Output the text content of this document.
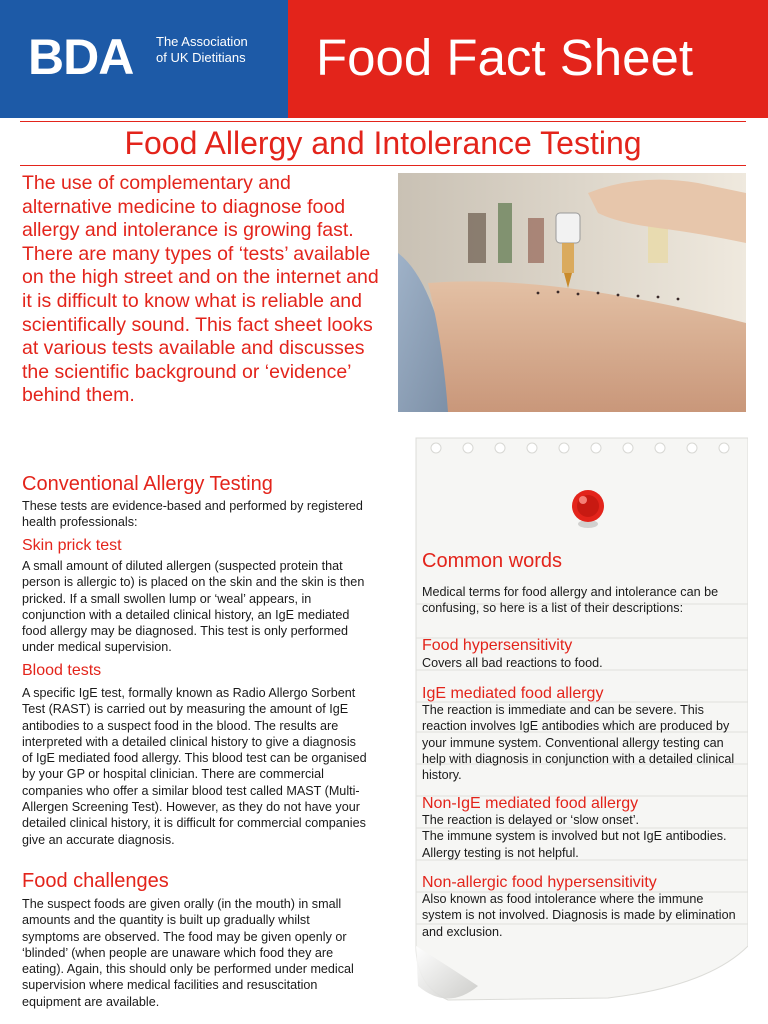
BDA The Association
of UK Dietitians Food Fact Sheet
Food Allergy and Intolerance Testing
The use of complementary and alternative medicine to diagnose food allergy and intolerance is growing fast. There are many types of ‘tests’ available on the high street and on the internet and it is difficult to know what is reliable and scientifically sound. This fact sheet looks at various tests available and discusses the scientific background or ‘evidence’ behind them.
Conventional Allergy Testing
These tests are evidence-based and performed by registered health professionals:
Skin prick test
A small amount of diluted allergen (suspected protein that person is allergic to) is placed on the skin and the skin is then pricked. If a small swollen lump or ‘weal’ appears, in conjunction with a detailed clinical history, an IgE mediated food allergy may be diagnosed. This test is only performed under medical supervision.
Blood tests
A specific IgE test, formally known as Radio Allergo Sorbent Test (RAST) is carried out by measuring the amount of IgE antibodies to a suspect food in the blood. The results are interpreted with a detailed clinical history to give a diagnosis of IgE mediated food allergy. This blood test can be organised by your GP or hospital clinician. There are commercial companies who offer a similar blood test called MAST (Multi-Allergen Screening Test). However, as they do not have your detailed clinical history, it is difficult for commercial companies give an accurate diagnosis.
Food challenges
The suspect foods are given orally (in the mouth) in small amounts and the quantity is built up gradually whilst symptoms are observed. The food may be given openly or ‘blinded’ (when people are unaware which food they are eating). Again, this should only be performed under medical supervision where medical facilities and resuscitation equipment are available.
Common words
Medical terms for food allergy and intolerance can be confusing, so here is a list of their descriptions:
Food hypersensitivity
Covers all bad reactions to food.
IgE mediated food allergy
The reaction is immediate and can be severe. This reaction involves IgE antibodies which are produced by your immune system. Conventional allergy testing can help with diagnosis in conjunction with a detailed clinical history.
Non-IgE mediated food allergy
The reaction is delayed or ‘slow onset’.
The immune system is involved but not IgE antibodies. Allergy testing is not helpful.
Non-allergic food hypersensitivity
Also known as food intolerance where the immune system is not involved. Diagnosis is made by elimination and exclusion.
